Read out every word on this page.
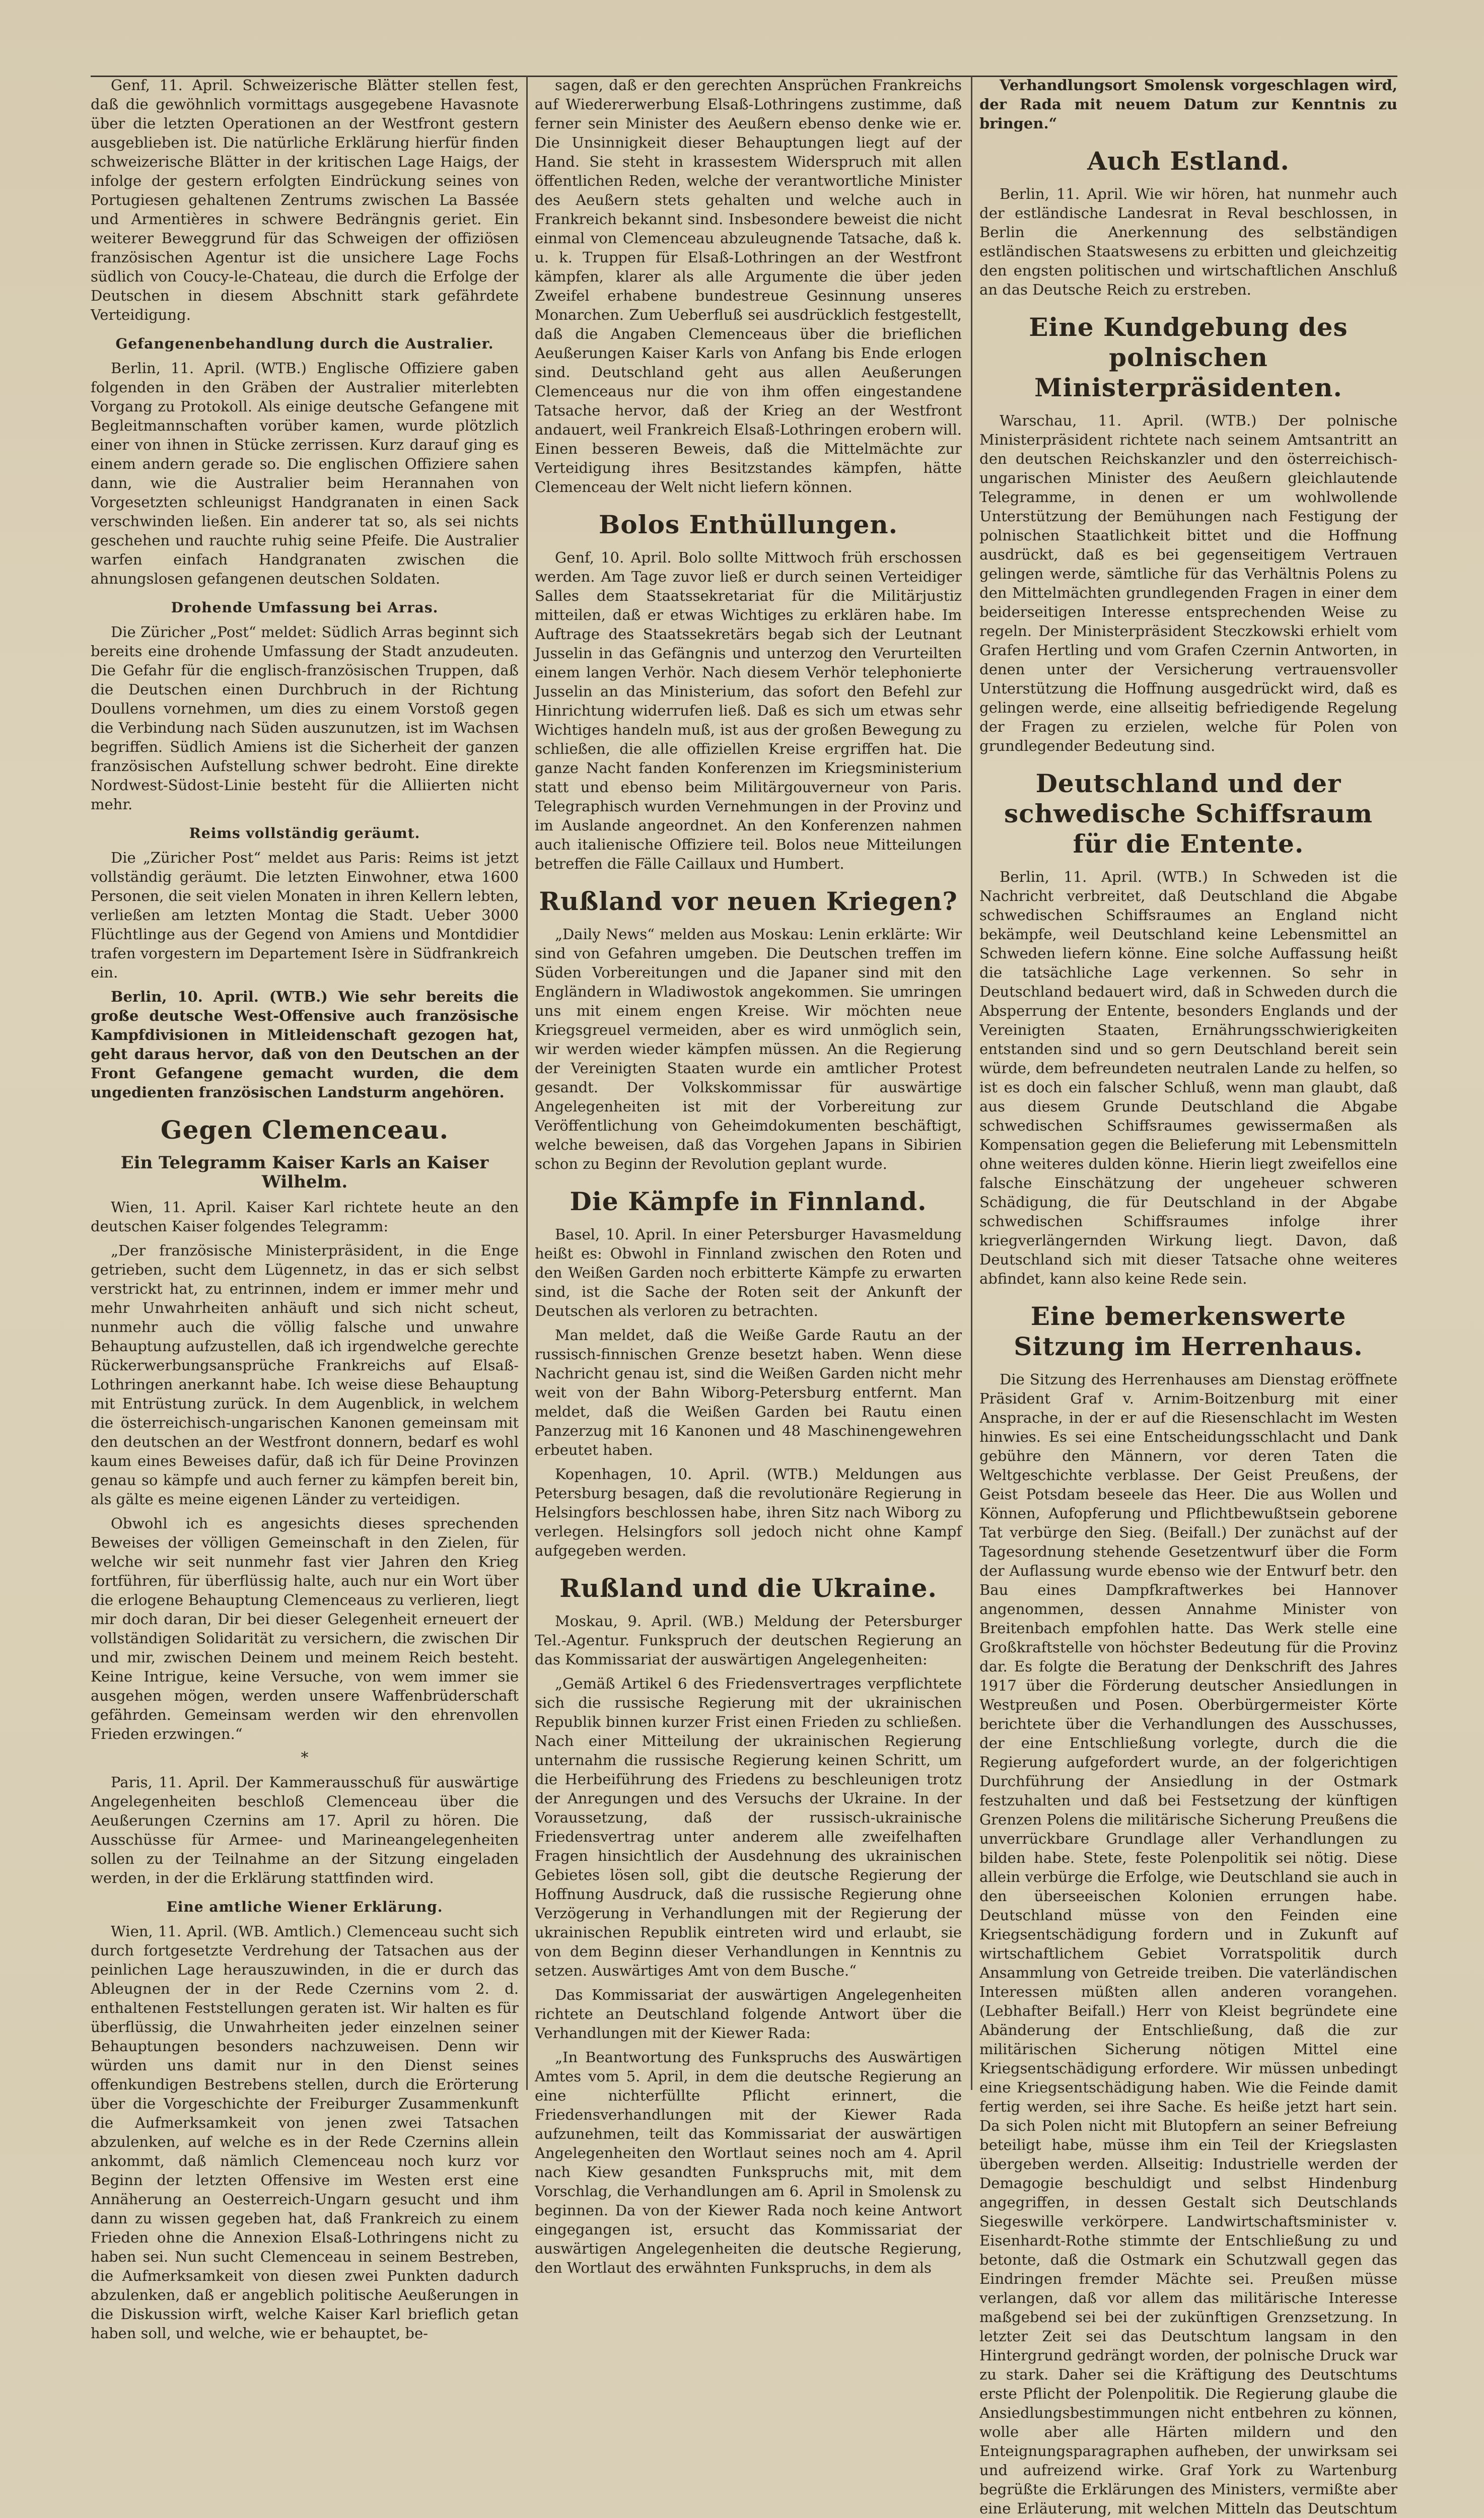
Genf, 11. April. Schweizerische Blätter stellen fest, daß die gewöhnlich vormittags ausgegebene Havasnote über die letzten Operationen an der Westfront gestern ausgeblieben ist. Die natürliche Erklärung hierfür finden schweizerische Blätter in der kritischen Lage Haigs, der infolge der gestern erfolgten Eindrückung seines von Portugiesen gehaltenen Zentrums zwischen La Bassée und Armentières in schwere Bedrängnis geriet. Ein weiterer Beweggrund für das Schweigen der offiziösen französischen Agentur ist die unsichere Lage Fochs südlich von Coucy-le-Chateau, die durch die Erfolge der Deutschen in diesem Abschnitt stark gefährdete Verteidigung.

Gefangenenbehandlung durch die Australier.

Berlin, 11. April. (WTB.) Englische Offiziere gaben folgenden in den Gräben der Australier miterlebten Vorgang zu Protokoll. Als einige deutsche Gefangene mit Begleitmannschaften vorüber kamen, wurde plötzlich einer von ihnen in Stücke zerrissen. Kurz darauf ging es einem andern gerade so. Die englischen Offiziere sahen dann, wie die Australier beim Herannahen von Vorgesetzten schleunigst Handgranaten in einen Sack verschwinden ließen. Ein anderer tat so, als sei nichts geschehen und rauchte ruhig seine Pfeife. Die Australier warfen einfach Handgranaten zwischen die ahnungslosen gefangenen deutschen Soldaten.

Drohende Umfassung bei Arras.

Die Züricher „Post“ meldet: Südlich Arras beginnt sich bereits eine drohende Umfassung der Stadt anzudeuten. Die Gefahr für die englisch-französischen Truppen, daß die Deutschen einen Durchbruch in der Richtung Doullens vornehmen, um dies zu einem Vorstoß gegen die Verbindung nach Süden auszunutzen, ist im Wachsen begriffen. Südlich Amiens ist die Sicherheit der ganzen französischen Aufstellung schwer bedroht. Eine direkte Nordwest-Südost-Linie besteht für die Alliierten nicht mehr.

Reims vollständig geräumt.

Die „Züricher Post“ meldet aus Paris: Reims ist jetzt vollständig geräumt. Die letzten Einwohner, etwa 1600 Personen, die seit vielen Monaten in ihren Kellern lebten, verließen am letzten Montag die Stadt. Ueber 3000 Flüchtlinge aus der Gegend von Amiens und Montdidier trafen vorgestern im Departement Isère in Südfrankreich ein.

Berlin, 10. April. (WTB.) Wie sehr bereits die große deutsche West-Offensive auch französische Kampfdivisionen in Mitleidenschaft gezogen hat, geht daraus hervor, daß von den Deutschen an der Front Gefangene gemacht wurden, die dem ungedienten französischen Landsturm angehören.

Gegen Clemenceau.
Ein Telegramm Kaiser Karls an Kaiser Wilhelm.

Wien, 11. April. Kaiser Karl richtete heute an den deutschen Kaiser folgendes Telegramm:

„Der französische Ministerpräsident, in die Enge getrieben, sucht dem Lügennetz, in das er sich selbst verstrickt hat, zu entrinnen, indem er immer mehr und mehr Unwahrheiten anhäuft und sich nicht scheut, nunmehr auch die völlig falsche und unwahre Behauptung aufzustellen, daß ich irgendwelche gerechte Rückerwerbungsansprüche Frankreichs auf Elsaß-Lothringen anerkannt habe. Ich weise diese Behauptung mit Entrüstung zurück. In dem Augenblick, in welchem die österreichisch-ungarischen Kanonen gemeinsam mit den deutschen an der Westfront donnern, bedarf es wohl kaum eines Beweises dafür, daß ich für Deine Provinzen genau so kämpfe und auch ferner zu kämpfen bereit bin, als gälte es meine eigenen Länder zu verteidigen.

Obwohl ich es angesichts dieses sprechenden Beweises der völligen Gemeinschaft in den Zielen, für welche wir seit nunmehr fast vier Jahren den Krieg fortführen, für überflüssig halte, auch nur ein Wort über die erlogene Behauptung Clemenceaus zu verlieren, liegt mir doch daran, Dir bei dieser Gelegenheit erneuert der vollständigen Solidarität zu versichern, die zwischen Dir und mir, zwischen Deinem und meinem Reich besteht. Keine Intrigue, keine Versuche, von wem immer sie ausgehen mögen, werden unsere Waffenbrüderschaft gefährden. Gemeinsam werden wir den ehrenvollen Frieden erzwingen.“

*

Paris, 11. April. Der Kammerausschuß für auswärtige Angelegenheiten beschloß Clemenceau über die Aeußerungen Czernins am 17. April zu hören. Die Ausschüsse für Armee- und Marineangelegenheiten sollen zu der Teilnahme an der Sitzung eingeladen werden, in der die Erklärung stattfinden wird.

Eine amtliche Wiener Erklärung.

Wien, 11. April. (WB. Amtlich.) Clemenceau sucht sich durch fortgesetzte Verdrehung der Tatsachen aus der peinlichen Lage herauszuwinden, in die er durch das Ableugnen der in der Rede Czernins vom 2. d. enthaltenen Feststellungen geraten ist. Wir halten es für überflüssig, die Unwahrheiten jeder einzelnen seiner Behauptungen besonders nachzuweisen. Denn wir würden uns damit nur in den Dienst seines offenkundigen Bestrebens stellen, durch die Erörterung über die Vorgeschichte der Freiburger Zusammenkunft die Aufmerksamkeit von jenen zwei Tatsachen abzulenken, auf welche es in der Rede Czernins allein ankommt, daß nämlich Clemenceau noch kurz vor Beginn der letzten Offensive im Westen erst eine Annäherung an Oesterreich-Ungarn gesucht und ihm dann zu wissen gegeben hat, daß Frankreich zu einem Frieden ohne die Annexion Elsaß-Lothringens nicht zu haben sei. Nun sucht Clemenceau in seinem Bestreben, die Aufmerksamkeit von diesen zwei Punkten dadurch abzulenken, daß er angeblich politische Aeußerungen in die Diskussion wirft, welche Kaiser Karl brieflich getan haben soll, und welche, wie er behauptet, be-

sagen, daß er den gerechten Ansprüchen Frankreichs auf Wiedererwerbung Elsaß-Lothringens zustimme, daß ferner sein Minister des Aeußern ebenso denke wie er. Die Unsinnigkeit dieser Behauptungen liegt auf der Hand. Sie steht in krassestem Widerspruch mit allen öffentlichen Reden, welche der verantwortliche Minister des Aeußern stets gehalten und welche auch in Frankreich bekannt sind. Insbesondere beweist die nicht einmal von Clemenceau abzuleugnende Tatsache, daß k. u. k. Truppen für Elsaß-Lothringen an der Westfront kämpfen, klarer als alle Argumente die über jeden Zweifel erhabene bundestreue Gesinnung unseres Monarchen. Zum Ueberfluß sei ausdrücklich festgestellt, daß die Angaben Clemenceaus über die brieflichen Aeußerungen Kaiser Karls von Anfang bis Ende erlogen sind. Deutschland geht aus allen Aeußerungen Clemenceaus nur die von ihm offen eingestandene Tatsache hervor, daß der Krieg an der Westfront andauert, weil Frankreich Elsaß-Lothringen erobern will. Einen besseren Beweis, daß die Mittelmächte zur Verteidigung ihres Besitzstandes kämpfen, hätte Clemenceau der Welt nicht liefern können.

Bolos Enthüllungen.

Genf, 10. April. Bolo sollte Mittwoch früh erschossen werden. Am Tage zuvor ließ er durch seinen Verteidiger Salles dem Staatssekretariat für die Militärjustiz mitteilen, daß er etwas Wichtiges zu erklären habe. Im Auftrage des Staatssekretärs begab sich der Leutnant Jusselin in das Gefängnis und unterzog den Verurteilten einem langen Verhör. Nach diesem Verhör telephonierte Jusselin an das Ministerium, das sofort den Befehl zur Hinrichtung widerrufen ließ. Daß es sich um etwas sehr Wichtiges handeln muß, ist aus der großen Bewegung zu schließen, die alle offiziellen Kreise ergriffen hat. Die ganze Nacht fanden Konferenzen im Kriegsministerium statt und ebenso beim Militärgouverneur von Paris. Telegraphisch wurden Vernehmungen in der Provinz und im Auslande angeordnet. An den Konferenzen nahmen auch italienische Offiziere teil. Bolos neue Mitteilungen betreffen die Fälle Caillaux und Humbert.

Rußland vor neuen Kriegen?

„Daily News“ melden aus Moskau: Lenin erklärte: Wir sind von Gefahren umgeben. Die Deutschen treffen im Süden Vorbereitungen und die Japaner sind mit den Engländern in Wladiwostok angekommen. Sie umringen uns mit einem engen Kreise. Wir möchten neue Kriegsgreuel vermeiden, aber es wird unmöglich sein, wir werden wieder kämpfen müssen. An die Regierung der Vereinigten Staaten wurde ein amtlicher Protest gesandt. Der Volkskommissar für auswärtige Angelegenheiten ist mit der Vorbereitung zur Veröffentlichung von Geheimdokumenten beschäftigt, welche beweisen, daß das Vorgehen Japans in Sibirien schon zu Beginn der Revolution geplant wurde.

Die Kämpfe in Finnland.

Basel, 10. April. In einer Petersburger Havasmeldung heißt es: Obwohl in Finnland zwischen den Roten und den Weißen Garden noch erbitterte Kämpfe zu erwarten sind, ist die Sache der Roten seit der Ankunft der Deutschen als verloren zu betrachten.

Man meldet, daß die Weiße Garde Rautu an der russisch-finnischen Grenze besetzt haben. Wenn diese Nachricht genau ist, sind die Weißen Garden nicht mehr weit von der Bahn Wiborg-Petersburg entfernt. Man meldet, daß die Weißen Garden bei Rautu einen Panzerzug mit 16 Kanonen und 48 Maschinengewehren erbeutet haben.

Kopenhagen, 10. April. (WTB.) Meldungen aus Petersburg besagen, daß die revolutionäre Regierung in Helsingfors beschlossen habe, ihren Sitz nach Wiborg zu verlegen. Helsingfors soll jedoch nicht ohne Kampf aufgegeben werden.

Rußland und die Ukraine.

Moskau, 9. April. (WB.) Meldung der Petersburger Tel.-Agentur. Funkspruch der deutschen Regierung an das Kommissariat der auswärtigen Angelegenheiten:

„Gemäß Artikel 6 des Friedensvertrages verpflichtete sich die russische Regierung mit der ukrainischen Republik binnen kurzer Frist einen Frieden zu schließen. Nach einer Mitteilung der ukrainischen Regierung unternahm die russische Regierung keinen Schritt, um die Herbeiführung des Friedens zu beschleunigen trotz der Anregungen und des Versuchs der Ukraine. In der Voraussetzung, daß der russisch-ukrainische Friedensvertrag unter anderem alle zweifelhaften Fragen hinsichtlich der Ausdehnung des ukrainischen Gebietes lösen soll, gibt die deutsche Regierung der Hoffnung Ausdruck, daß die russische Regierung ohne Verzögerung in Verhandlungen mit der Regierung der ukrainischen Republik eintreten wird und erlaubt, sie von dem Beginn dieser Verhandlungen in Kenntnis zu setzen. Auswärtiges Amt von dem Busche.“

Das Kommissariat der auswärtigen Angelegenheiten richtete an Deutschland folgende Antwort über die Verhandlungen mit der Kiewer Rada:

„In Beantwortung des Funkspruchs des Auswärtigen Amtes vom 5. April, in dem die deutsche Regierung an eine nichterfüllte Pflicht erinnert, die Friedensverhandlungen mit der Kiewer Rada aufzunehmen, teilt das Kommissariat der auswärtigen Angelegenheiten den Wortlaut seines noch am 4. April nach Kiew gesandten Funkspruchs mit, mit dem Vorschlag, die Verhandlungen am 6. April in Smolensk zu beginnen. Da von der Kiewer Rada noch keine Antwort eingegangen ist, ersucht das Kommissariat der auswärtigen Angelegenheiten die deutsche Regierung, den Wortlaut des erwähnten Funkspruchs, in dem als

Verhandlungsort Smolensk vorgeschlagen wird, der Rada mit neuem Datum zur Kenntnis zu bringen.“

Auch Estland.

Berlin, 11. April. Wie wir hören, hat nunmehr auch der estländische Landesrat in Reval beschlossen, in Berlin die Anerkennung des selbständigen estländischen Staatswesens zu erbitten und gleichzeitig den engsten politischen und wirtschaftlichen Anschluß an das Deutsche Reich zu erstreben.

Eine Kundgebung des polnischen Ministerpräsidenten.

Warschau, 11. April. (WTB.) Der polnische Ministerpräsident richtete nach seinem Amtsantritt an den deutschen Reichskanzler und den österreichisch-ungarischen Minister des Aeußern gleichlautende Telegramme, in denen er um wohlwollende Unterstützung der Bemühungen nach Festigung der polnischen Staatlichkeit bittet und die Hoffnung ausdrückt, daß es bei gegenseitigem Vertrauen gelingen werde, sämtliche für das Verhältnis Polens zu den Mittelmächten grundlegenden Fragen in einer dem beiderseitigen Interesse entsprechenden Weise zu regeln. Der Ministerpräsident Steczkowski erhielt vom Grafen Hertling und vom Grafen Czernin Antworten, in denen unter der Versicherung vertrauensvoller Unterstützung die Hoffnung ausgedrückt wird, daß es gelingen werde, eine allseitig befriedigende Regelung der Fragen zu erzielen, welche für Polen von grundlegender Bedeutung sind.

Deutschland und der schwedische Schiffsraum für die Entente.

Berlin, 11. April. (WTB.) In Schweden ist die Nachricht verbreitet, daß Deutschland die Abgabe schwedischen Schiffsraumes an England nicht bekämpfe, weil Deutschland keine Lebensmittel an Schweden liefern könne. Eine solche Auffassung heißt die tatsächliche Lage verkennen. So sehr in Deutschland bedauert wird, daß in Schweden durch die Absperrung der Entente, besonders Englands und der Vereinigten Staaten, Ernährungsschwierigkeiten entstanden sind und so gern Deutschland bereit sein würde, dem befreundeten neutralen Lande zu helfen, so ist es doch ein falscher Schluß, wenn man glaubt, daß aus diesem Grunde Deutschland die Abgabe schwedischen Schiffsraumes gewissermaßen als Kompensation gegen die Belieferung mit Lebensmitteln ohne weiteres dulden könne. Hierin liegt zweifellos eine falsche Einschätzung der ungeheuer schweren Schädigung, die für Deutschland in der Abgabe schwedischen Schiffsraumes infolge ihrer kriegverlängernden Wirkung liegt. Davon, daß Deutschland sich mit dieser Tatsache ohne weiteres abfindet, kann also keine Rede sein.

Eine bemerkenswerte Sitzung im Herrenhaus.

Die Sitzung des Herrenhauses am Dienstag eröffnete Präsident Graf v. Arnim-Boitzenburg mit einer Ansprache, in der er auf die Riesenschlacht im Westen hinwies. Es sei eine Entscheidungsschlacht und Dank gebühre den Männern, vor deren Taten die Weltgeschichte verblasse. Der Geist Preußens, der Geist Potsdam beseele das Heer. Die aus Wollen und Können, Aufopferung und Pflichtbewußtsein geborene Tat verbürge den Sieg. (Beifall.) Der zunächst auf der Tagesordnung stehende Gesetzentwurf über die Form der Auflassung wurde ebenso wie der Entwurf betr. den Bau eines Dampfkraftwerkes bei Hannover angenommen, dessen Annahme Minister von Breitenbach empfohlen hatte. Das Werk stelle eine Großkraftstelle von höchster Bedeutung für die Provinz dar. Es folgte die Beratung der Denkschrift des Jahres 1917 über die Förderung deutscher Ansiedlungen in Westpreußen und Posen. Oberbürgermeister Körte berichtete über die Verhandlungen des Ausschusses, der eine Entschließung vorlegte, durch die die Regierung aufgefordert wurde, an der folgerichtigen Durchführung der Ansiedlung in der Ostmark festzuhalten und daß bei Festsetzung der künftigen Grenzen Polens die militärische Sicherung Preußens die unverrückbare Grundlage aller Verhandlungen zu bilden habe. Stete, feste Polenpolitik sei nötig. Diese allein verbürge die Erfolge, wie Deutschland sie auch in den überseeischen Kolonien errungen habe. Deutschland müsse von den Feinden eine Kriegsentschädigung fordern und in Zukunft auf wirtschaftlichem Gebiet Vorratspolitik durch Ansammlung von Getreide treiben. Die vaterländischen Interessen müßten allen anderen vorangehen. (Lebhafter Beifall.) Herr von Kleist begründete eine Abänderung der Entschließung, daß die zur militärischen Sicherung nötigen Mittel eine Kriegsentschädigung erfordere. Wir müssen unbedingt eine Kriegsentschädigung haben. Wie die Feinde damit fertig werden, sei ihre Sache. Es heiße jetzt hart sein. Da sich Polen nicht mit Blutopfern an seiner Befreiung beteiligt habe, müsse ihm ein Teil der Kriegslasten übergeben werden. Allseitig: Industrielle werden der Demagogie beschuldigt und selbst Hindenburg angegriffen, in dessen Gestalt sich Deutschlands Siegeswille verkörpere. Landwirtschaftsminister v. Eisenhardt-Rothe stimmte der Entschließung zu und betonte, daß die Ostmark ein Schutzwall gegen das Eindringen fremder Mächte sei. Preußen müsse verlangen, daß vor allem das militärische Interesse maßgebend sei bei der zukünftigen Grenzsetzung. In letzter Zeit sei das Deutschtum langsam in den Hintergrund gedrängt worden, der polnische Druck war zu stark. Daher sei die Kräftigung des Deutschtums erste Pflicht der Polenpolitik. Die Regierung glaube die Ansiedlungsbestimmungen nicht entbehren zu können, wolle aber alle Härten mildern und den Enteignungsparagraphen aufheben, der unwirksam sei und aufreizend wirke. Graf York zu Wartenburg begrüßte die Erklärungen des Ministers, vermißte aber eine Erläuterung, mit welchen Mitteln das Deutschtum
